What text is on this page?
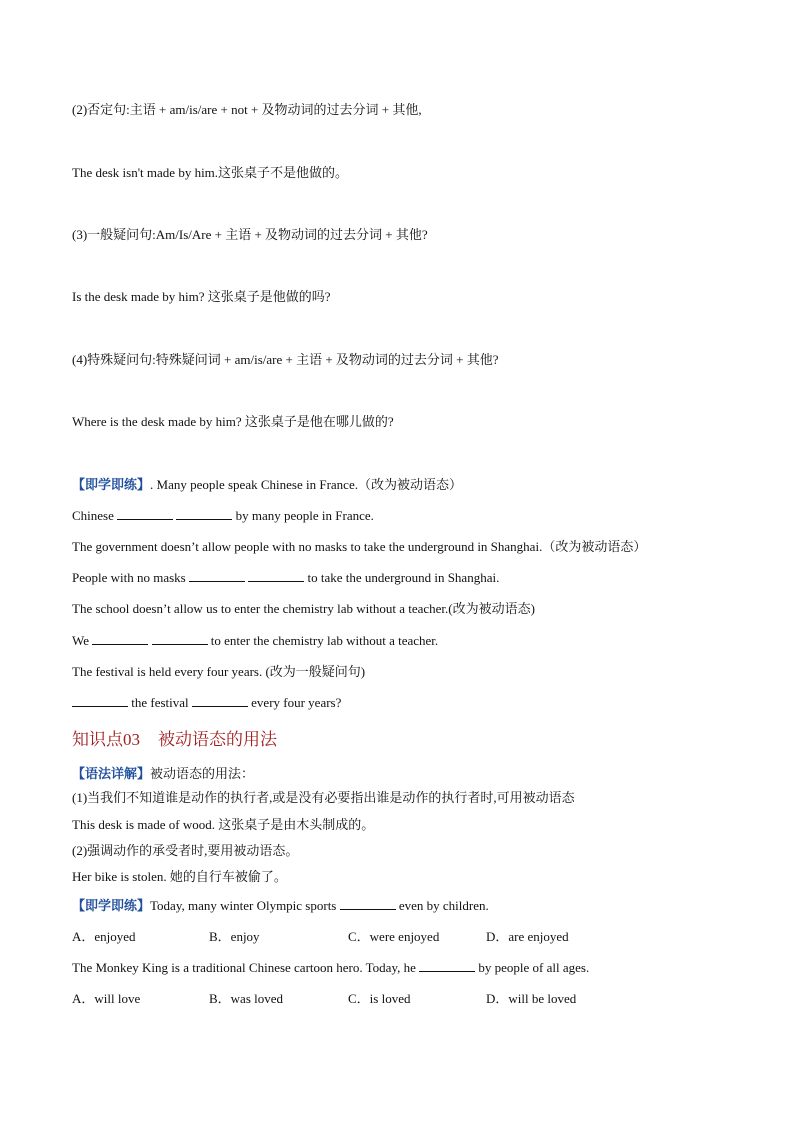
(2)否定句:主语 + am/is/are + not + 及物动词的过去分词 + 其他,
The desk isn't made by him.这张桌子不是他做的。
(3)一般疑问句:Am/Is/Are + 主语 + 及物动词的过去分词 + 其他?
Is the desk made by him? 这张桌子是他做的吗?
(4)特殊疑问句:特殊疑问词 + am/is/are + 主语 + 及物动词的过去分词 + 其他?
Where is the desk made by him? 这张桌子是他在哪儿做的?
【即学即练】. Many people speak Chinese in France.（改为被动语态）
Chinese	by many people in France.
The government doesn’t allow people with no masks to take the underground in Shanghai.（改为被动语态）
People with no masks	to take the underground in Shanghai.
The school doesn’t allow us to enter the chemistry lab without a teacher.(改为被动语态)
We	to enter the chemistry lab without a teacher.
The festival is held every four years. (改为一般疑问句)
the festival	every four years?
知识点03 被动语态的用法
【语法详解】被动语态的用法：
(1)当我们不知道谁是动作的执行者,或是没有必要指出谁是动作的执行者时,可用被动语态
This desk is made of wood. 这张桌子是由木头制成的。
(2)强调动作的承受者时,要用被动语态。
Her bike is stolen. 她的自行车被偷了。
【即学即练】Today, many winter Olympic sports	even by children.
A．enjoyed	B．enjoy	C．were enjoyed	D．are enjoyed
The Monkey King is a traditional Chinese cartoon hero. Today, he	by people of all ages.
A．will love	B．was loved	C．is loved	D．will be loved
